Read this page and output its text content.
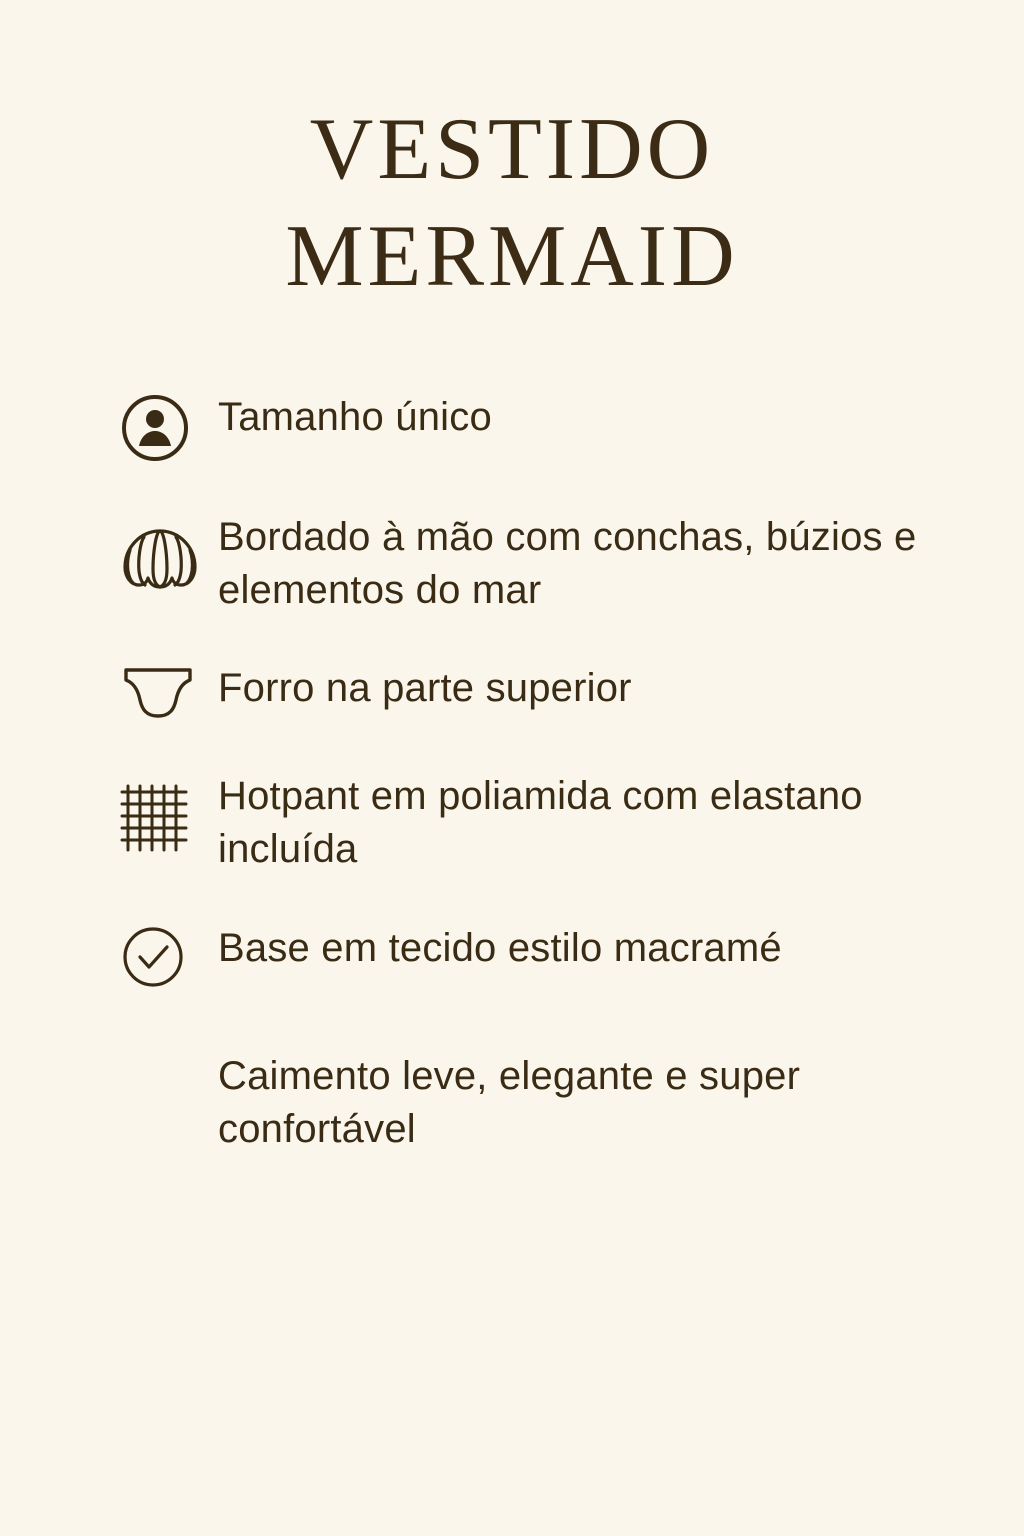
VESTIDO
MERMAID
Tamanho único
Bordado à mão com conchas, búzios e elementos do mar
Forro na parte superior
Hotpant em poliamida com elastano incluída
Base em tecido estilo macramé
Caimento leve, elegante e super confortável
